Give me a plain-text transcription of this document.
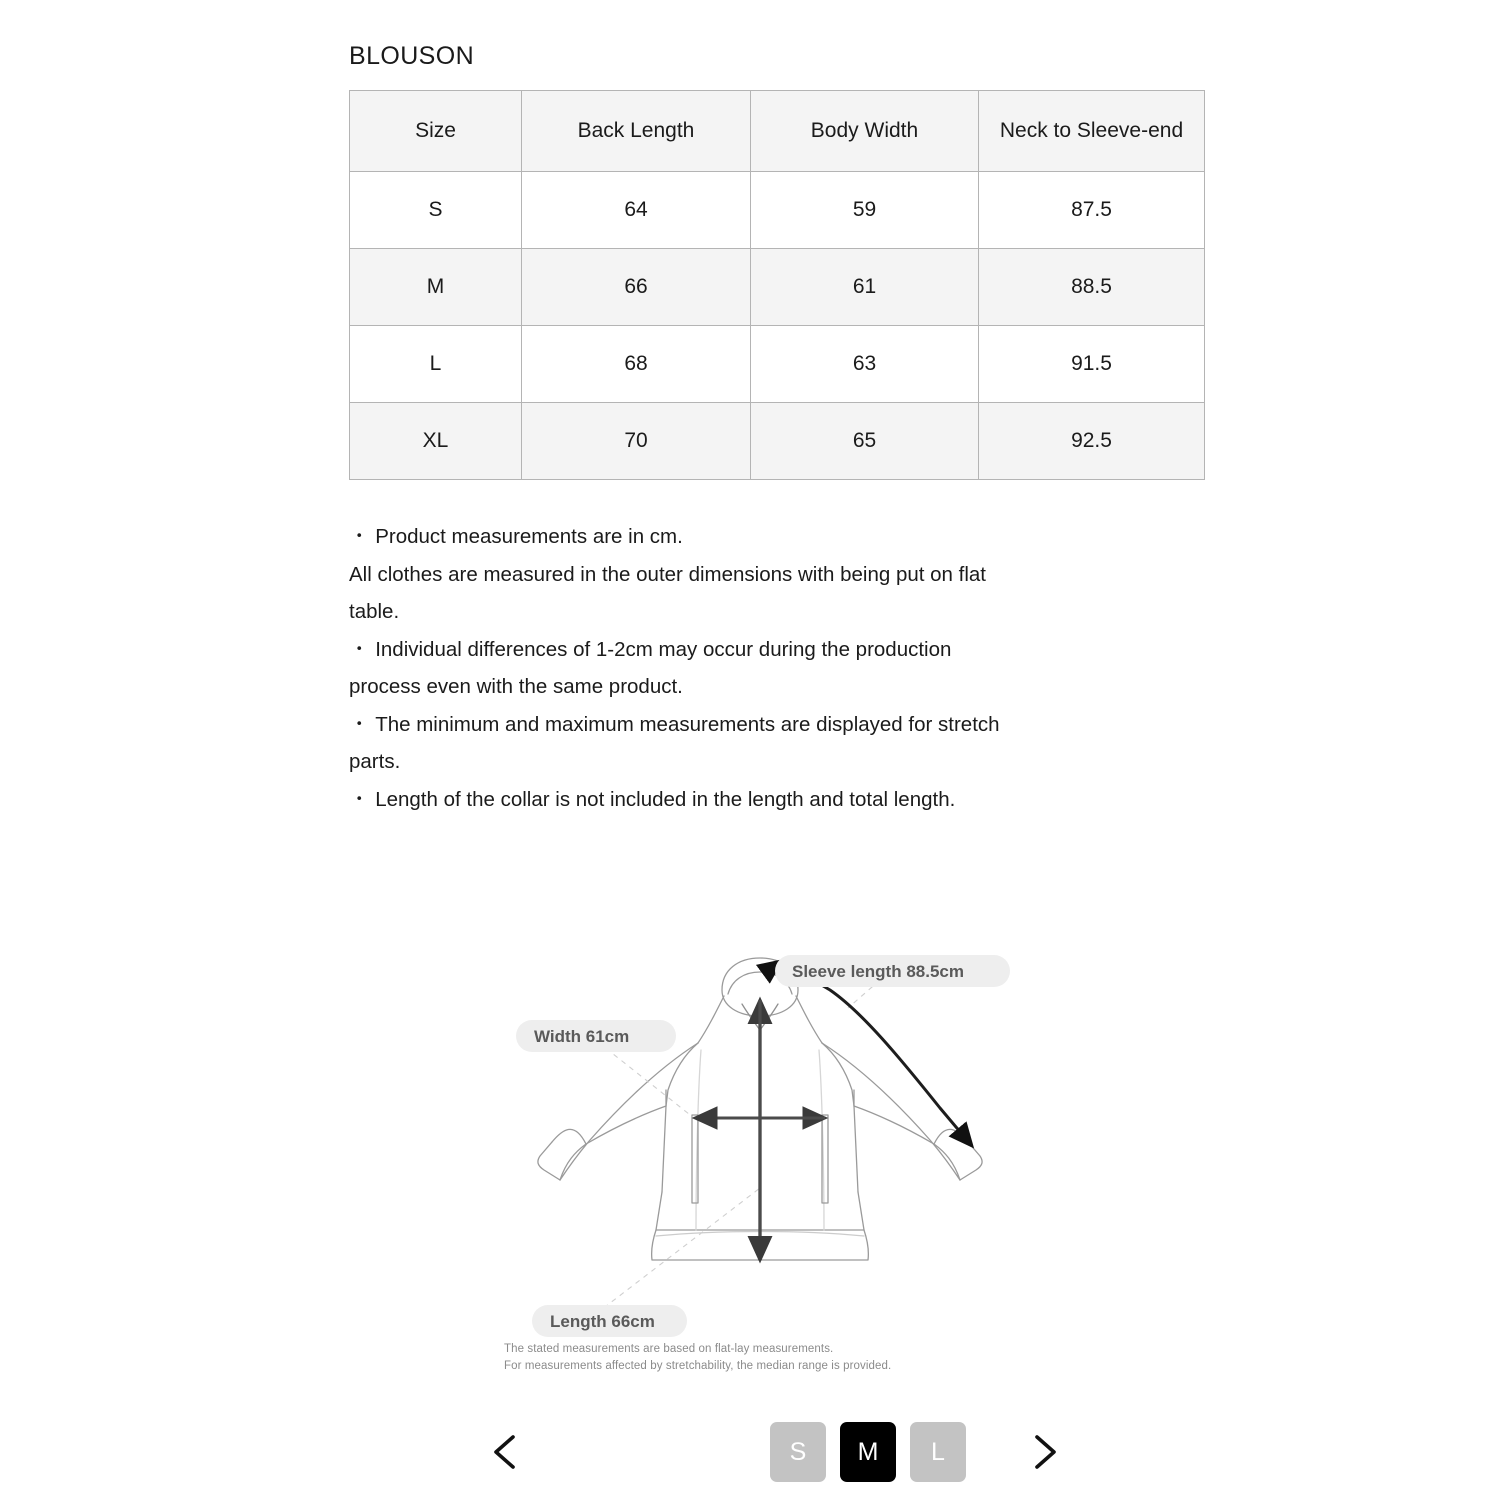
BLOUSON
Size	Back Length	Body Width	Neck to Sleeve-end
S	64	59	87.5
M	66	61	88.5
L	68	63	91.5
XL	70	65	92.5

・ Product measurements are in cm.

All clothes are measured in the outer dimensions with being put on flat

table.

・ Individual differences of 1-2cm may occur during the production

process even with the same product.

・ The minimum and maximum measurements are displayed for stretch

parts.

・ Length of the collar is not included in the length and total length.

Sleeve length 88.5cm
Width 61cm
Length 66cm
The stated measurements are based on flat-lay measurements.
For measurements affected by stretchability, the median range is provided.
S	M	L
